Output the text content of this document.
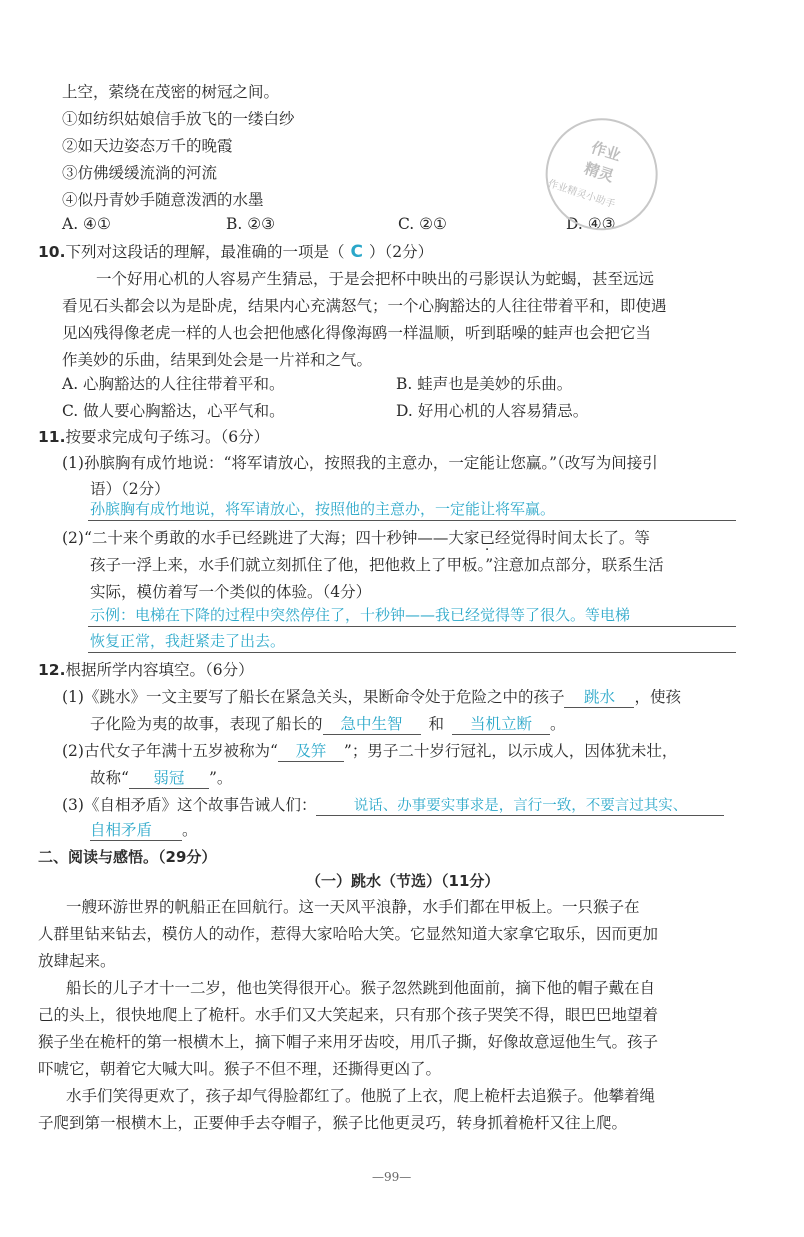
上空，萦绕在茂密的树冠之间。
①如纺织姑娘信手放飞的一缕白纱
②如天边姿态万千的晚霞
③仿佛缓缓流淌的河流
④似丹青妙手随意泼洒的水墨
A. ④①	B. ②③	C. ②①	D. ④③
作业
精灵
作业精灵小助手
10.下列对这段话的理解，最准确的一项是（ C ）（2分）
一个好用心机的人容易产生猜忌，于是会把杯中映出的弓影误认为蛇蝎，甚至远远
看见石头都会以为是卧虎，结果内心充满怒气；一个心胸豁达的人往往带着平和，即使遇
见凶残得像老虎一样的人也会把他感化得像海鸥一样温顺，听到聒噪的蛙声也会把它当
作美妙的乐曲，结果到处会是一片祥和之气。
A. 心胸豁达的人往往带着平和。	B. 蛙声也是美妙的乐曲。
C. 做人要心胸豁达，心平气和。	D. 好用心机的人容易猜忌。
11.按要求完成句子练习。（6分）
(1)孙膑胸有成竹地说：“将军请放心，按照我的主意办，一定能让您赢。”（改写为间接引
语）（2分）
孙膑胸有成竹地说，将军请放心，按照他的主意办，一定能让将军赢。
(2)“二十来个勇敢的水手已经跳进了大海；四十秒钟——大家已经觉得时间太长了 ·。等
孩子一浮上来，水手们就立刻抓住了他，把他救上了甲板。”注意加点部分，联系生活
实际，模仿着写一个类似的体验。（4分）
示例：电梯在下降的过程中突然停住了，十秒钟——我已经觉得等了很久。等电梯
恢复正常，我赶紧走了出去。
12.根据所学内容填空。（6分）
(1)《跳水》一文主要写了船长在紧急关头，果断命令处于危险之中的孩子 跳水 ，使孩
子化险为夷的故事，表现了船长的 急中生智 和 当机立断 。
(2)古代女子年满十五岁被称为“ 及笄 ”；男子二十岁行冠礼，以示成人，因体犹未壮，
故称“ 弱冠 ”。
(3)《自相矛盾》这个故事告诫人们：	说话、办事要实事求是，言行一致，不要言过其实、
自相矛盾 。
二、阅读与感悟。（29分）
（一）跳水（节选）（11分）
一艘环游世界的帆船正在回航行。这一天风平浪静，水手们都在甲板上。一只猴子在
人群里钻来钻去，模仿人的动作，惹得大家哈哈大笑。它显然知道大家拿它取乐，因而更加
放肆起来。
船长的儿子才十一二岁，他也笑得很开心。猴子忽然跳到他面前，摘下他的帽子戴在自
己的头上，很快地爬上了桅杆。水手们又大笑起来，只有那个孩子哭笑不得，眼巴巴地望着
猴子坐在桅杆的第一根横木上，摘下帽子来用牙齿咬，用爪子撕，好像故意逗他生气。孩子
吓唬它，朝着它大喊大叫。猴子不但不理，还撕得更凶了。
水手们笑得更欢了，孩子却气得脸都红了。他脱了上衣，爬上桅杆去追猴子。他攀着绳
子爬到第一根横木上，正要伸手去夺帽子，猴子比他更灵巧，转身抓着桅杆又往上爬。
—99—
